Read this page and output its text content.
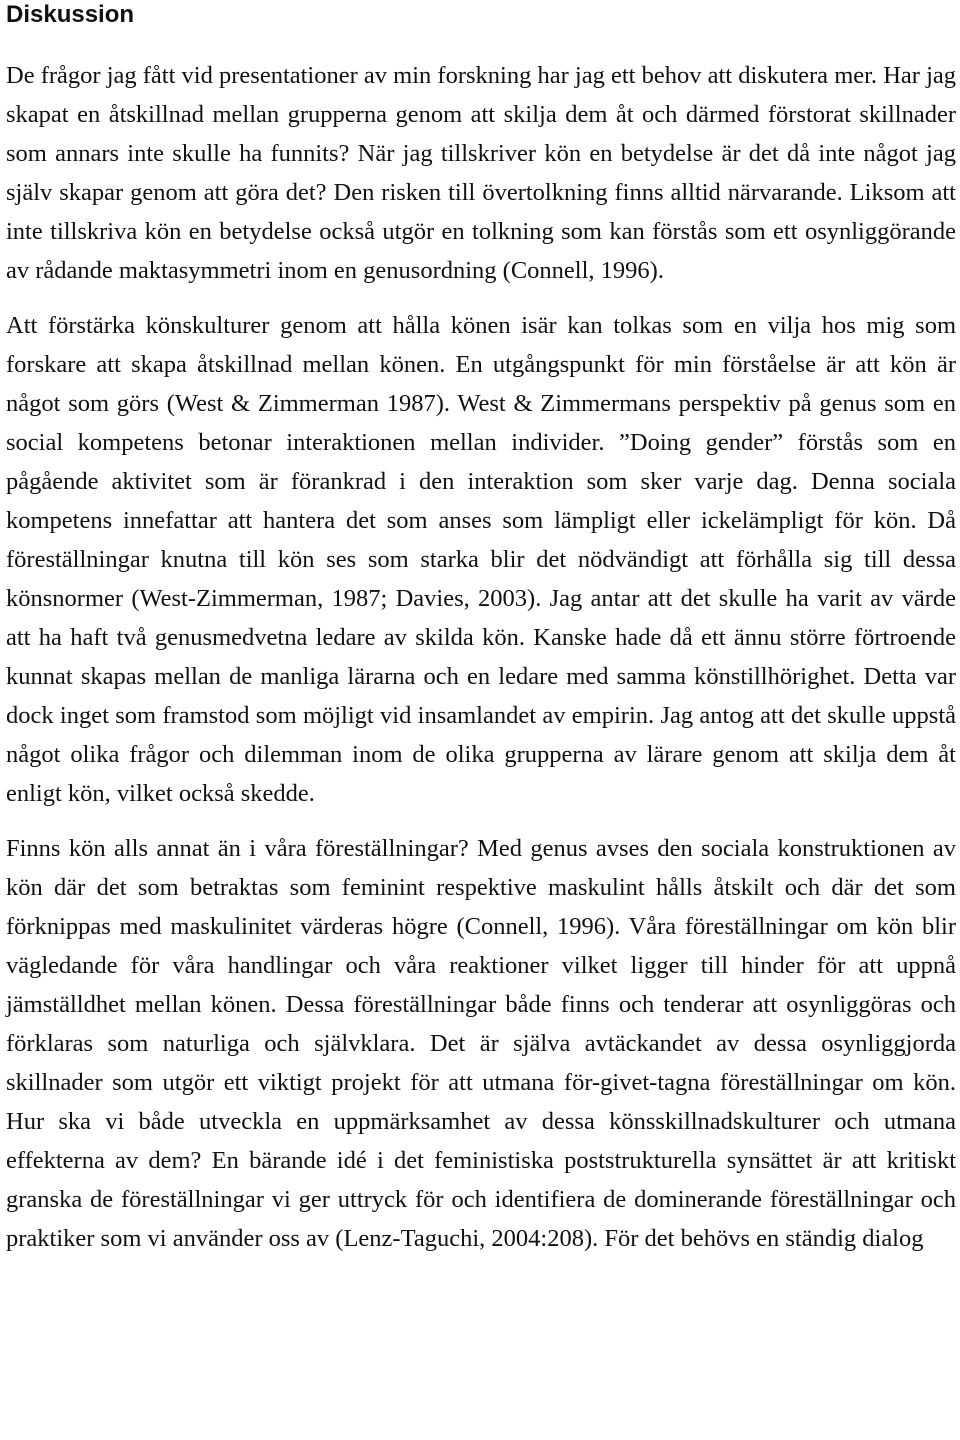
Diskussion

De frågor jag fått vid presentationer av min forskning har jag ett behov att diskutera mer. Har jag skapat en åtskillnad mellan grupperna genom att skilja dem åt och därmed förstorat skillnader som annars inte skulle ha funnits? När jag tillskriver kön en betydelse är det då inte något jag själv skapar genom att göra det? Den risken till övertolkning finns alltid närvarande. Liksom att inte tillskriva kön en betydelse också utgör en tolkning som kan förstås som ett osynliggörande av rådande maktasymmetri inom en genusordning (Connell, 1996).

Att förstärka könskulturer genom att hålla könen isär kan tolkas som en vilja hos mig som forskare att skapa åtskillnad mellan könen. En utgångspunkt för min förståelse är att kön är något som görs (West & Zimmerman 1987). West & Zimmermans perspektiv på genus som en social kompetens betonar interaktionen mellan individer. ”Doing gender” förstås som en pågående aktivitet som är förankrad i den interaktion som sker varje dag. Denna sociala kompetens innefattar att hantera det som anses som lämpligt eller ickelämpligt för kön. Då föreställningar knutna till kön ses som starka blir det nödvändigt att förhålla sig till dessa könsnormer (West-Zimmerman, 1987; Davies, 2003). Jag antar att det skulle ha varit av värde att ha haft två genusmedvetna ledare av skilda kön. Kanske hade då ett ännu större förtroende kunnat skapas mellan de manliga lärarna och en ledare med samma könstillhörighet. Detta var dock inget som framstod som möjligt vid insamlandet av empirin. Jag antog att det skulle uppstå något olika frågor och dilemman inom de olika grupperna av lärare genom att skilja dem åt enligt kön, vilket också skedde.

Finns kön alls annat än i våra föreställningar? Med genus avses den sociala konstruktionen av kön där det som betraktas som feminint respektive maskulint hålls åtskilt och där det som förknippas med maskulinitet värderas högre (Connell, 1996). Våra föreställningar om kön blir vägledande för våra handlingar och våra reaktioner vilket ligger till hinder för att uppnå jämställdhet mellan könen. Dessa föreställningar både finns och tenderar att osynliggöras och förklaras som naturliga och självklara. Det är själva avtäckandet av dessa osynliggjorda skillnader som utgör ett viktigt projekt för att utmana för-givet-tagna föreställningar om kön. Hur ska vi både utveckla en uppmärksamhet av dessa könsskillnadskulturer och utmana effekterna av dem? En bärande idé i det feministiska poststrukturella synsättet är att kritiskt granska de föreställningar vi ger uttryck för och identifiera de dominerande föreställningar och praktiker som vi använder oss av (Lenz-Taguchi, 2004:208). För det behövs en ständig dialog
